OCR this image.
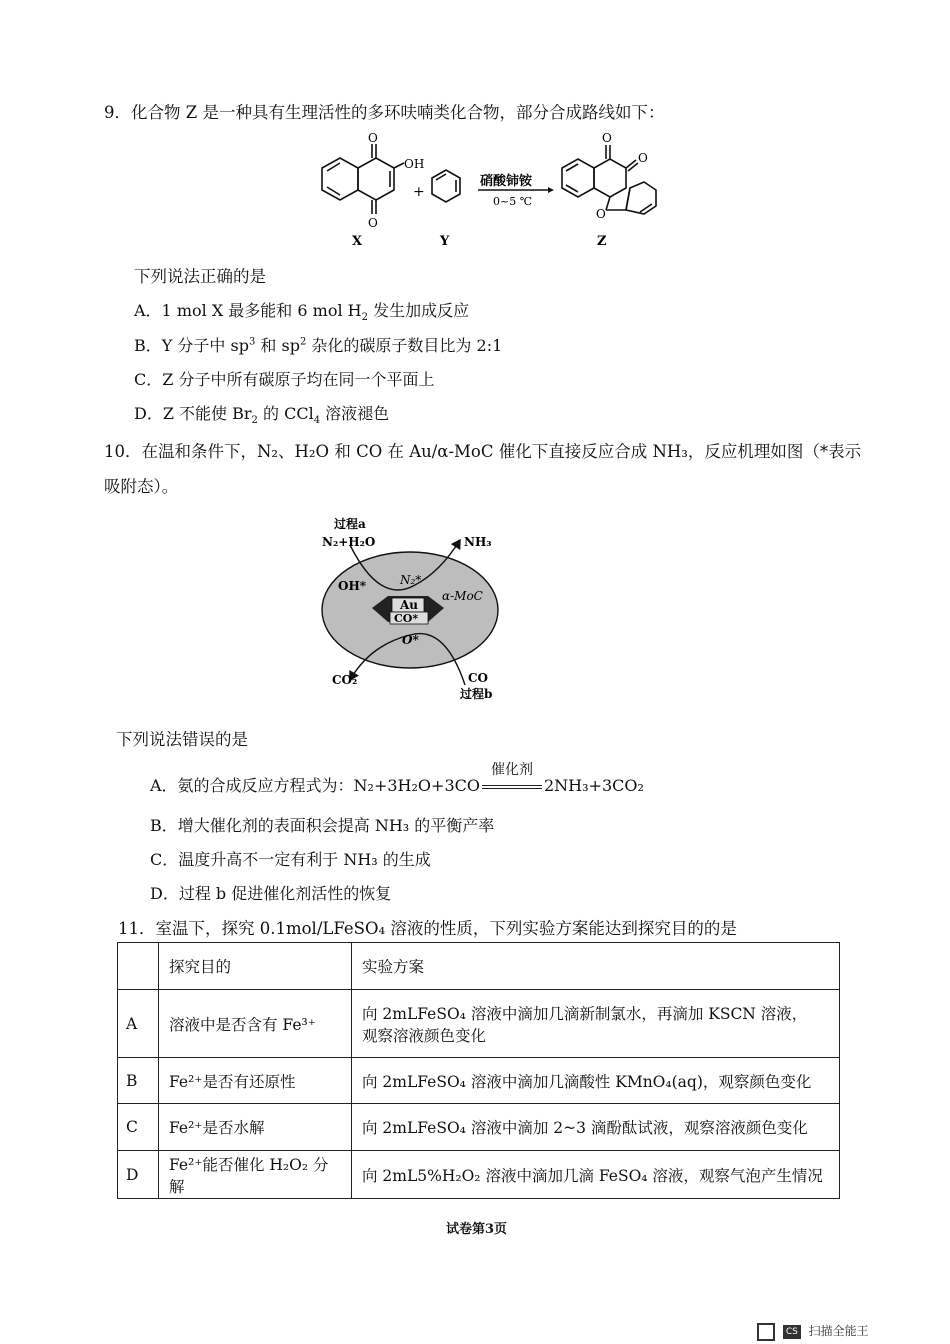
9．化合物 Z 是一种具有生理活性的多环呋喃类化合物，部分合成路线如下：
O
O
OH
X
+
Y
硝酸铈铵
0~5 ℃
O
O
O
Z
下列说法正确的是
A．1 mol X 最多能和 6 mol $H_2$ 发生加成反应
B．Y 分子中 $sp^3$ 和 $sp^2$ 杂化的碳原子数目比为 2:1
C．Z 分子中所有碳原子均在同一个平面上
D．Z 不能使 $Br_2$ 的 CCl$_4$ 溶液褪色
10．在温和条件下，N₂、H₂O 和 CO 在 Au/α-MoC 催化下直接反应合成 NH₃，反应机理如图（*表示
吸附态）。
过程a
N₂+H₂O	NH₃
OH*	N₂*
α-MoC
Au
CO*
O*
CO₂	CO
过程b
下列说法错误的是
A．氨的合成反应方程式为：N₂+3H₂O+3CO
催化剂
2NH₃+3CO₂
B．增大催化剂的表面积会提高 NH₃ 的平衡产率
C．温度升高不一定有利于 NH₃ 的生成
D．过程 b 促进催化剂活性的恢复
11．室温下，探究 0.1mol/LFeSO₄ 溶液的性质，下列实验方案能达到探究目的的是
	探究目的	实验方案
A	溶液中是否含有 Fe³⁺	向 2mLFeSO₄ 溶液中滴加几滴新制氯水，再滴加 KSCN 溶液，
观察溶液颜色变化

B	Fe²⁺是否有还原性	向 2mLFeSO₄ 溶液中滴加几滴酸性 KMnO₄(aq)，观察颜色变化
C	Fe²⁺是否水解	向 2mLFeSO₄ 溶液中滴加 2~3 滴酚酞试液，观察溶液颜色变化
D	Fe²⁺能否催化 H₂O₂ 分解	向 2mL5%H₂O₂ 溶液中滴加几滴 FeSO₄ 溶液，观察气泡产生情况
试卷第3页
CS 扫描全能王
